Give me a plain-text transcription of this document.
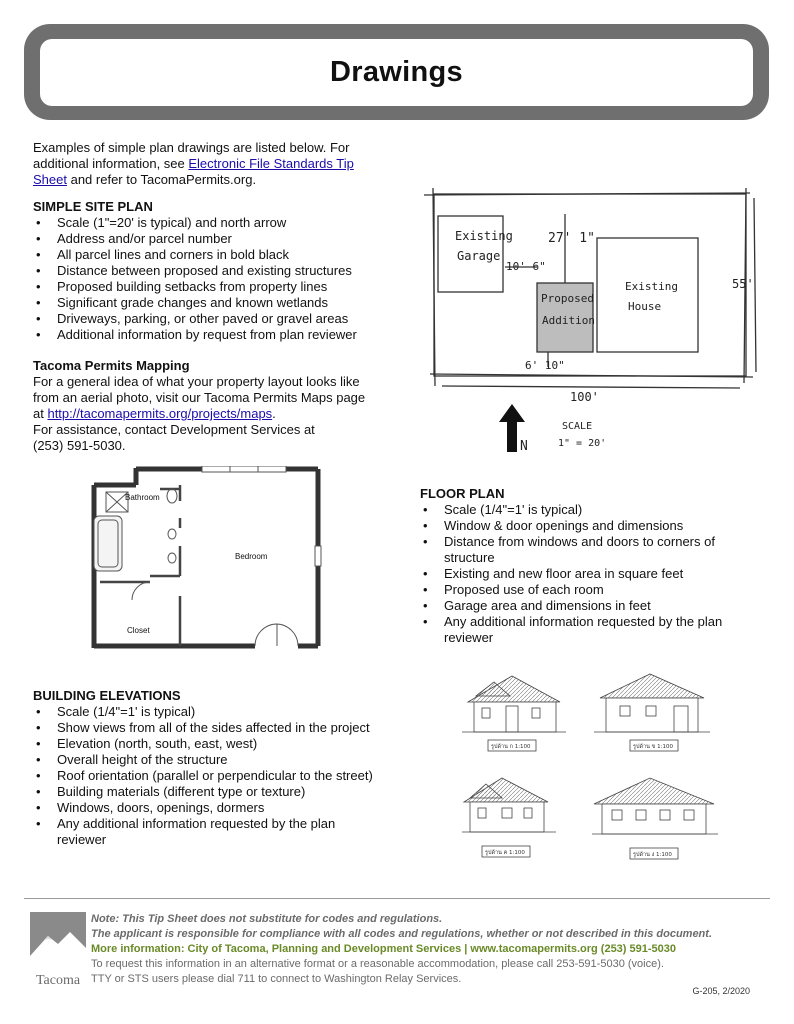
Drawings

Examples of simple plan drawings are listed below. For additional information, see Electronic File Standards Tip Sheet and refer to TacomaPermits.org.

SIMPLE SITE PLAN
• Scale (1"=20' is typical) and north arrow
• Address and/or parcel number
• All parcel lines and corners in bold black
• Distance between proposed and existing structures
• Proposed building setbacks from property lines
• Significant grade changes and known wetlands
• Driveways, parking, or other paved or gravel areas
• Additional information by request from plan reviewer
Tacoma Permits Mapping

For a general idea of what your property layout looks like from an aerial photo, visit our Tacoma Permits Maps page at http://tacomapermits.org/projects/maps.

For assistance, contact Development Services at (253) 591-5030.

Existing
Garage
Proposed
Addition
Existing
House
27' 1"
10' 6"
6' 10"
100'
55'
N
SCALE
1" = 20'
Bathroom
Bedroom
Closet
FLOOR PLAN
• Scale (1/4"=1' is typical)
• Window & door openings and dimensions
• Distance from windows and doors to corners of structure
• Existing and new floor area in square feet
• Proposed use of each room
• Garage area and dimensions in feet
• Any additional information requested by the plan reviewer
BUILDING ELEVATIONS
• Scale (1/4"=1' is typical)
• Show views from all of the sides affected in the project
• Elevation (north, south, east, west)
• Overall height of the structure
• Roof orientation (parallel or perpendicular to the street)
• Building materials (different type or texture)
• Windows, doors, openings, dormers
• Any additional information requested by the plan reviewer
รูปด้าน ก 1:100	รูปด้าน ข 1:100
รูปด้าน ค 1:100	รูปด้าน ง 1:100
Tacoma
Note: This Tip Sheet does not substitute for codes and regulations.
The applicant is responsible for compliance with all codes and regulations, whether or not described in this document.
More information: City of Tacoma, Planning and Development Services | www.tacomapermits.org (253) 591-5030
To request this information in an alternative format or a reasonable accommodation, please call 253-591-5030 (voice).
TTY or STS users please dial 711 to connect to Washington Relay Services.
G-205, 2/2020
